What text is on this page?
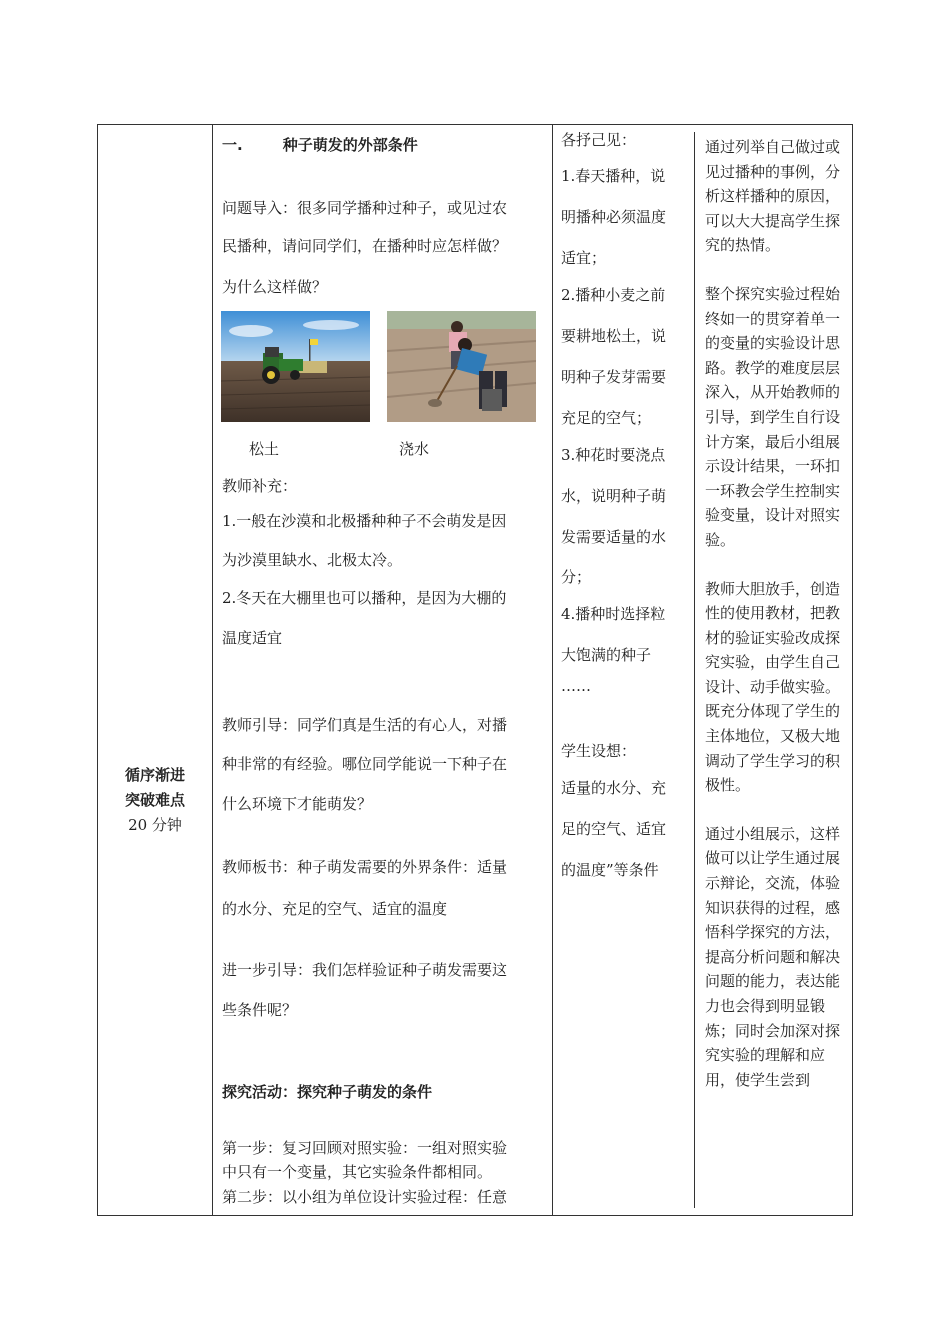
循序渐进
突破难点
20 分钟
一.	种子萌发的外部条件
问题导入：很多同学播种过种子，或见过农
民播种，请问同学们，在播种时应怎样做？
为什么这样做？
松土	浇水
教师补充：
1.一般在沙漠和北极播种种子不会萌发是因
为沙漠里缺水、北极太冷。
2.冬天在大棚里也可以播种，是因为大棚的
温度适宜
教师引导：同学们真是生活的有心人，对播
种非常的有经验。哪位同学能说一下种子在
什么环境下才能萌发？
教师板书：种子萌发需要的外界条件：适量
的水分、充足的空气、适宜的温度
进一步引导：我们怎样验证种子萌发需要这
些条件呢？
探究活动：探究种子萌发的条件
第一步：复习回顾对照实验：一组对照实验
中只有一个变量，其它实验条件都相同。
第二步：以小组为单位设计实验过程：任意
各抒己见：
1.春天播种，说
明播种必须温度
适宜；
2.播种小麦之前
要耕地松土，说
明种子发芽需要
充足的空气；
3.种花时要浇点
水，说明种子萌
发需要适量的水
分；
4.播种时选择粒
大饱满的种子
……
学生设想：
适量的水分、充
足的空气、适宜
的温度”等条件

通过列举自己做过或见过播种的事例，分析这样播种的原因，可以大大提高学生探究的热情。

整个探究实验过程始终如一的贯穿着单一的变量的实验设计思路。教学的难度层层深入，从开始教师的引导，到学生自行设计方案，最后小组展示设计结果，一环扣一环教会学生控制实验变量，设计对照实验。

教师大胆放手，创造性的使用教材，把教材的验证实验改成探究实验，由学生自己设计、动手做实验。既充分体现了学生的主体地位，又极大地调动了学生学习的积极性。

通过小组展示，这样做可以让学生通过展示辩论，交流，体验知识获得的过程，感悟科学探究的方法，提高分析问题和解决问题的能力，表达能力也会得到明显锻炼；同时会加深对探究实验的理解和应用，使学生尝到
